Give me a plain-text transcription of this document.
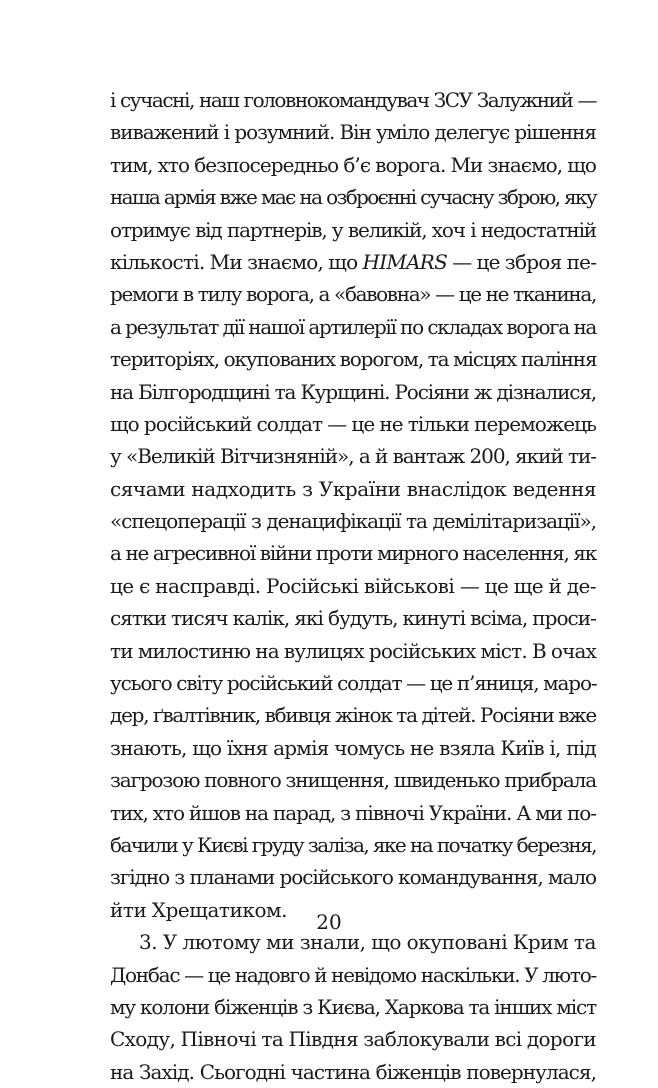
і сучасні, наш головнокомандувач ЗСУ Залужний —
виважений і розумний. Він уміло делегує рішення
тим, хто безпосередньо б’є ворога. Ми знаємо, що
наша армія вже має на озброєнні сучасну зброю, яку
отримує від партнерів, у великій, хоч і недостатній
кількості. Ми знаємо, що HIMARS — це зброя пе-
ремоги в тилу ворога, а «бавовна» — це не тканина,
а результат дії нашої артилерії по складах ворога на
територіях, окупованих ворогом, та місцях паління
на Білгородщині та Курщині. Росіяни ж дізналися,
що російський солдат — це не тільки переможець
у «Великій Вітчизняній», а й вантаж 200, який ти-
сячами надходить з України внаслідок ведення
«спецоперації з денацифікації та демілітаризації»,
а не агресивної війни проти мирного населення, як
це є насправді. Російські військові — це ще й де-
сятки тисяч калік, які будуть, кинуті всіма, проси-
ти милостиню на вулицях російських міст. В очах
усього світу російський солдат — це п’яниця, маро-
дер, ґвалтівник, вбивця жінок та дітей. Росіяни вже
знають, що їхня армія чомусь не взяла Київ і, під
загрозою повного знищення, швиденько прибрала
тих, хто йшов на парад, з півночі України. А ми по-
бачили у Києві груду заліза, яке на початку березня,
згідно з планами російського командування, мало
йти Хрещатиком.
3. У лютому ми знали, що окуповані Крим та
Донбас — це надовго й невідомо наскільки. У люто-
му колони біженців з Києва, Харкова та інших міст
Сходу, Півночі та Півдня заблокували всі дороги
на Захід. Сьогодні частина біженців повернулася,
20
